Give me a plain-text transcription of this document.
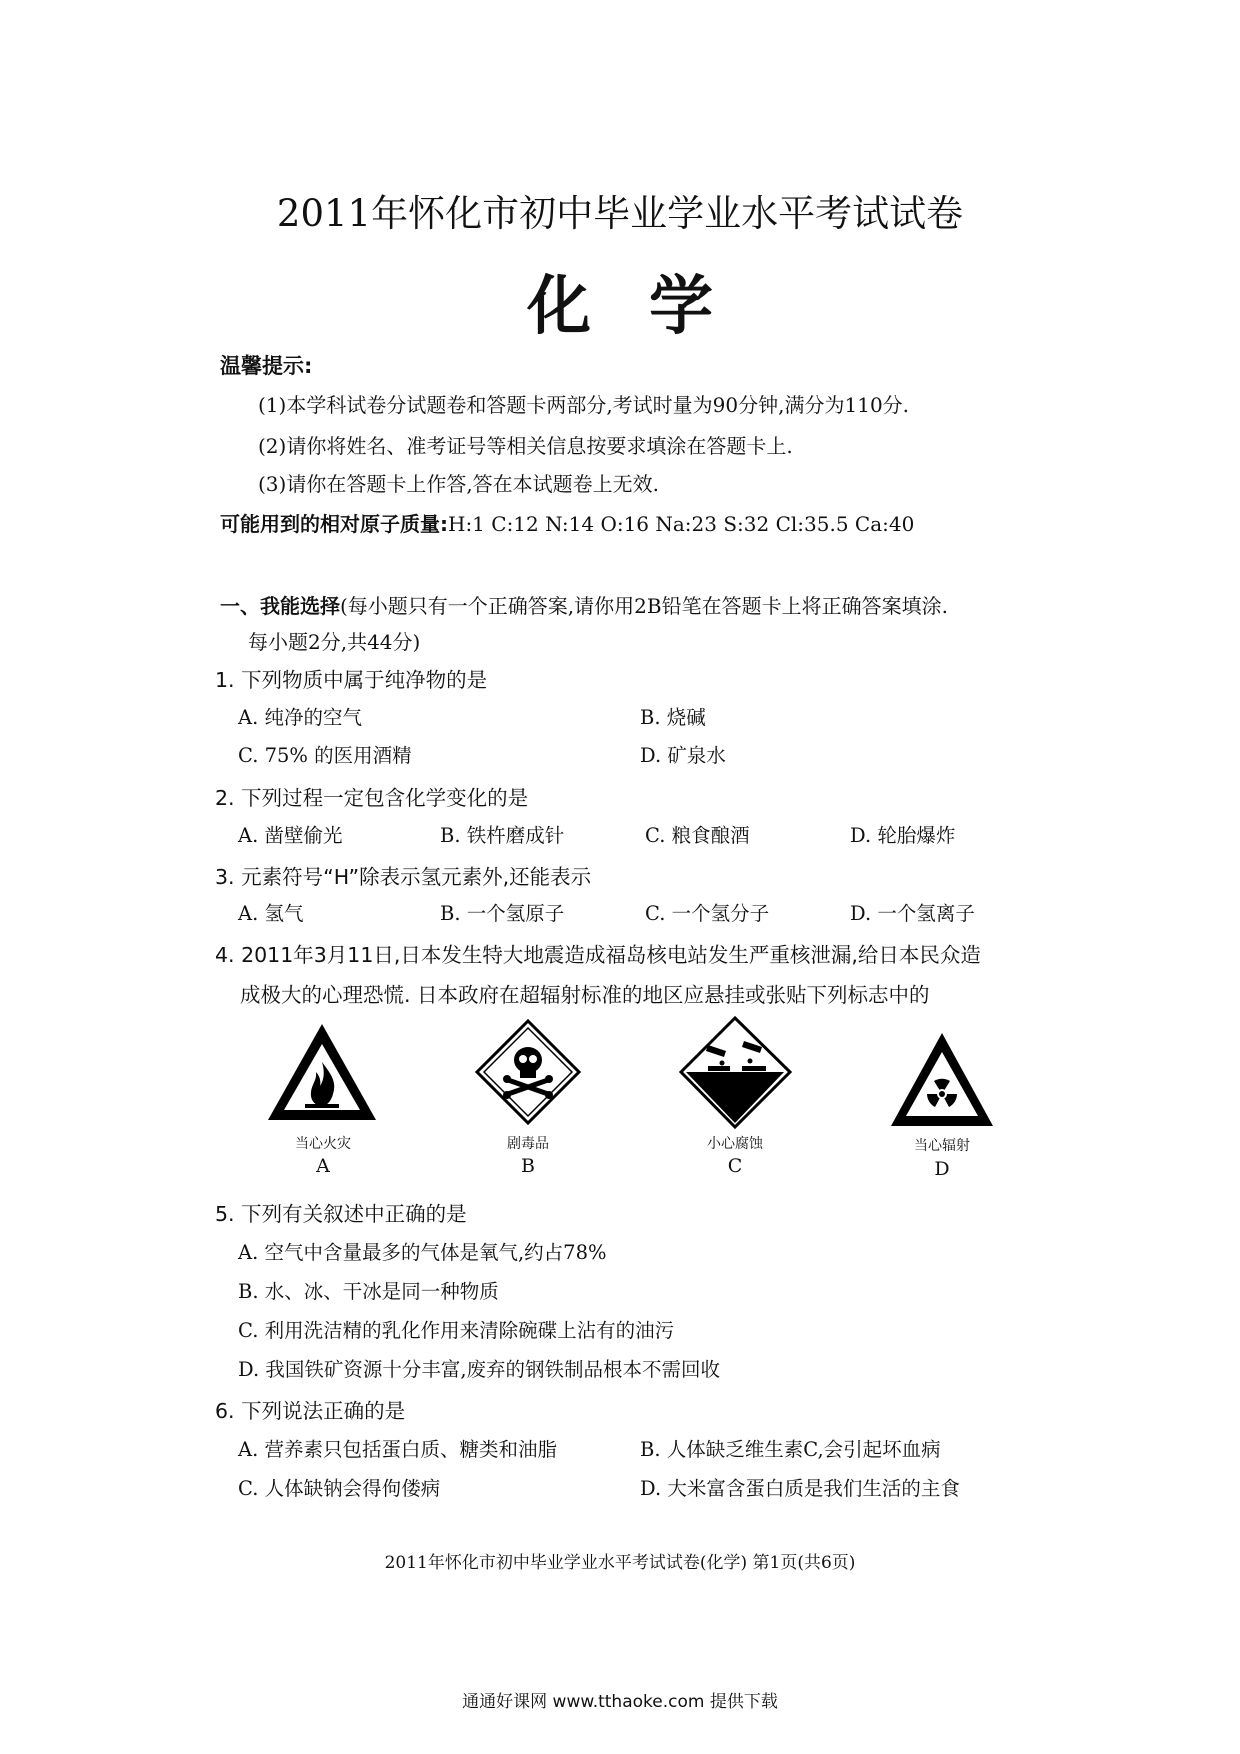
2011年怀化市初中毕业学业水平考试试卷
化学
温馨提示:
(1)本学科试卷分试题卷和答题卡两部分,考试时量为90分钟,满分为110分.
(2)请你将姓名、准考证号等相关信息按要求填涂在答题卡上.
(3)请你在答题卡上作答,答在本试题卷上无效.
可能用到的相对原子质量:H:1 C:12 N:14 O:16 Na:23 S:32 Cl:35.5 Ca:40
一、我能选择(每小题只有一个正确答案,请你用2B铅笔在答题卡上将正确答案填涂.
每小题2分,共44分)
1. 下列物质中属于纯净物的是
A. 纯净的空气	B. 烧碱
C. 75% 的医用酒精	D. 矿泉水
2. 下列过程一定包含化学变化的是
A. 凿壁偷光	B. 铁杵磨成针	C. 粮食酿酒	D. 轮胎爆炸
3. 元素符号“H”除表示氢元素外,还能表示
A. 氢气	B. 一个氢原子	C. 一个氢分子	D. 一个氢离子
4. 2011年3月11日,日本发生特大地震造成福岛核电站发生严重核泄漏,给日本民众造
成极大的心理恐慌. 日本政府在超辐射标准的地区应悬挂或张贴下列标志中的
当心火灾
A
剧毒品
B
小心腐蚀
C
当心辐射
D
5. 下列有关叙述中正确的是
A. 空气中含量最多的气体是氧气,约占78%
B. 水、冰、干冰是同一种物质
C. 利用洗洁精的乳化作用来清除碗碟上沾有的油污
D. 我国铁矿资源十分丰富,废弃的钢铁制品根本不需回收
6. 下列说法正确的是
A. 营养素只包括蛋白质、糖类和油脂	B. 人体缺乏维生素C,会引起坏血病
C. 人体缺钠会得佝偻病	D. 大米富含蛋白质是我们生活的主食
2011年怀化市初中毕业学业水平考试试卷(化学) 第1页(共6页)
通通好课网 www.tthaoke.com 提供下载
